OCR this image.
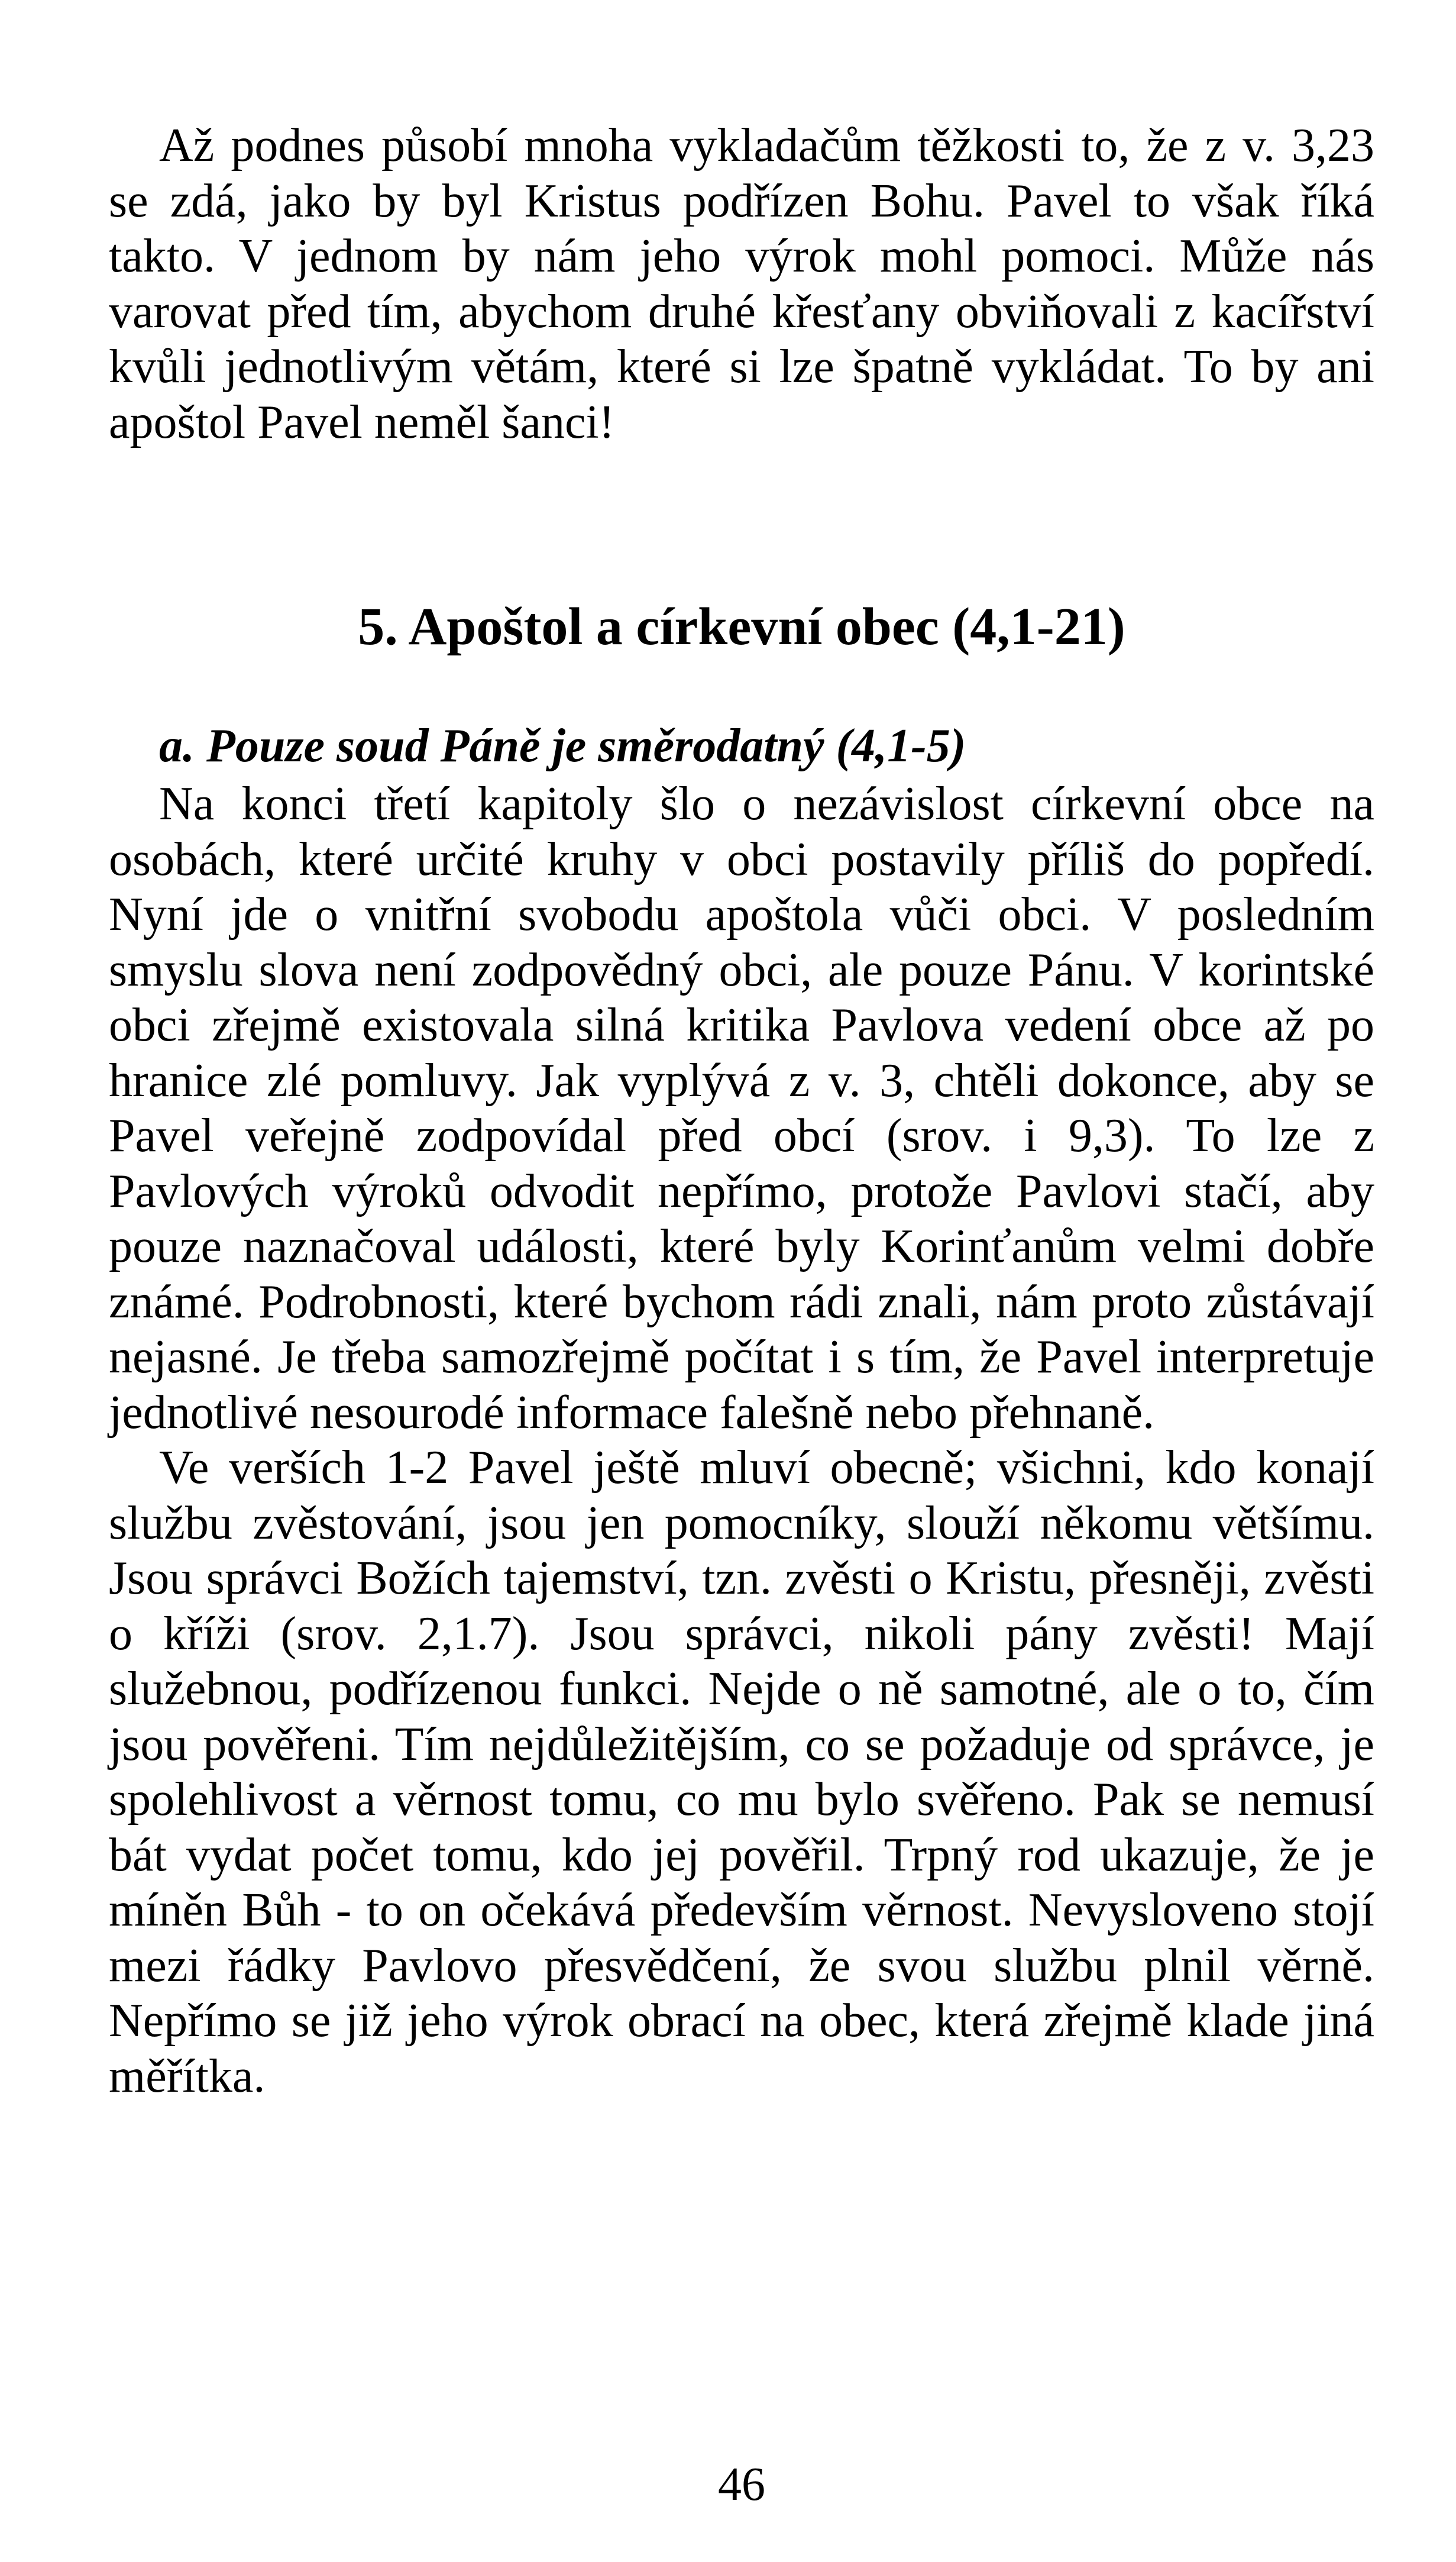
Až podnes působí mnoha vykladačům těžkosti to, že z v. 3,23 se zdá, jako by byl Kristus podřízen Bohu. Pavel to však říká takto. V jednom by nám jeho výrok mohl pomoci. Může nás varovat před tím, abychom druhé křesťany obviňovali z kacířství kvůli jednotlivým větám, které si lze špatně vykládat. To by ani apoštol Pavel neměl šanci!

5. Apoštol a církevní obec (4,1-21)
a. Pouze soud Páně je směrodatný (4,1-5)

Na konci třetí kapitoly šlo o nezávislost církevní obce na osobách, které určité kruhy v obci postavily příliš do popředí. Nyní jde o vnitřní svobodu apoštola vůči obci. V posledním smyslu slova není zodpovědný obci, ale pouze Pánu. V korintské obci zřejmě existovala silná kritika Pavlova vedení obce až po hranice zlé pomluvy. Jak vyplývá z v. 3, chtěli dokonce, aby se Pavel veřejně zodpovídal před obcí (srov. i 9,3). To lze z Pavlových výroků odvodit nepřímo, protože Pavlovi stačí, aby pouze naznačoval události, které byly Korinťanům velmi dobře známé. Podrobnosti, které bychom rádi znali, nám proto zůstávají nejasné. Je třeba samozřejmě počítat i s tím, že Pavel interpretuje jednotlivé nesourodé informace falešně nebo přehnaně.

Ve verších 1-2 Pavel ještě mluví obecně; všichni, kdo konají službu zvěstování, jsou jen pomocníky, slouží někomu většímu. Jsou správci Božích tajemství, tzn. zvěsti o Kristu, přesněji, zvěsti o kříži (srov. 2,1.7). Jsou správci, nikoli pány zvěsti! Mají služebnou, podřízenou funkci. Nejde o ně samotné, ale o to, čím jsou pověřeni. Tím nejdůležitějším, co se požaduje od správce, je spolehlivost a věrnost tomu, co mu bylo svěřeno. Pak se nemusí bát vydat počet tomu, kdo jej pověřil. Trpný rod ukazuje, že je míněn Bůh - to on očekává především věrnost. Nevysloveno stojí mezi řádky Pavlovo přesvědčení, že svou službu plnil věrně. Nepřímo se již jeho výrok obrací na obec, která zřejmě klade jiná měřítka.

46
